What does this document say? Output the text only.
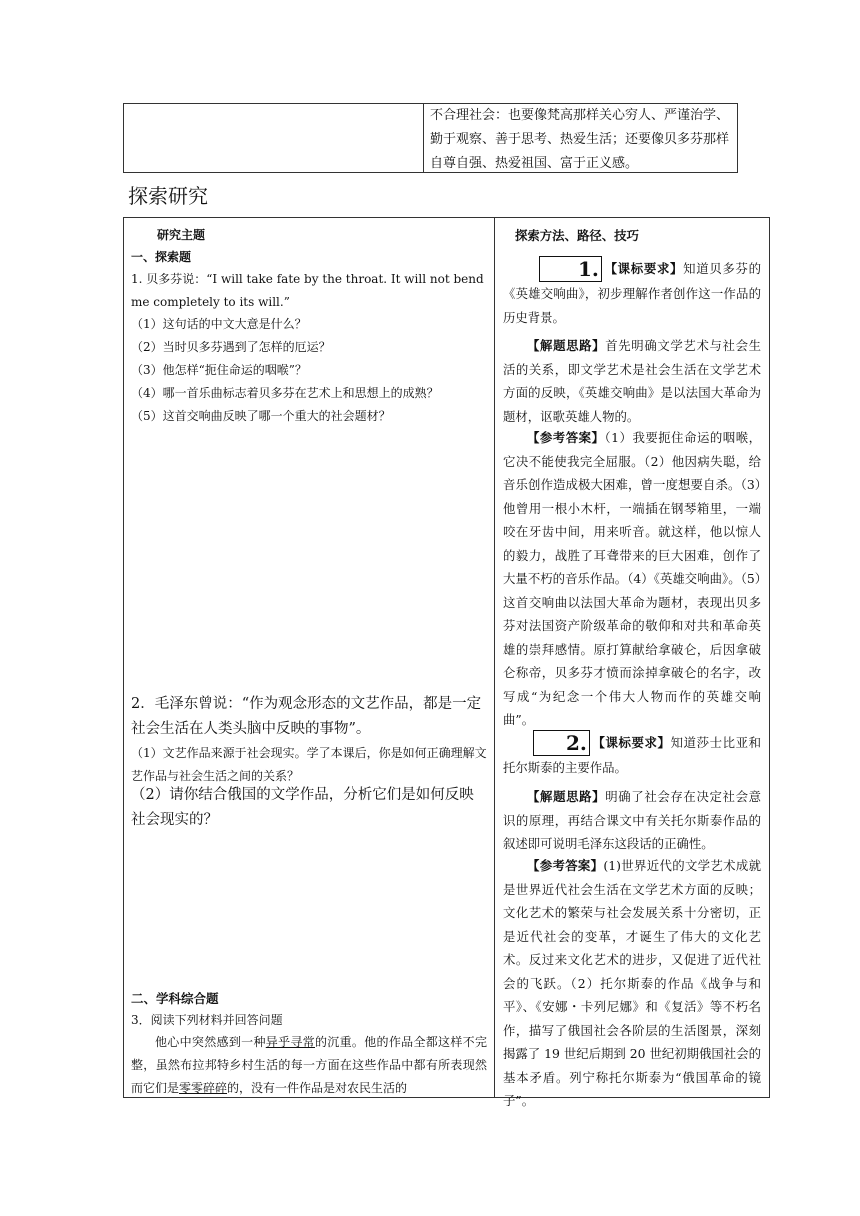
不合理社会：也要像梵高那样关心穷人、严谨治学、勤于观察、善于思考、热爱生活；还要像贝多芬那样自尊自强、热爱祖国、富于正义感。
探索研究
研究主题
一、探索题
1. 贝多芬说：“I will take fate by the throat. It will not bend me completely to its will.”
（1）这句话的中文大意是什么？
（2）当时贝多芬遇到了怎样的厄运？
（3）他怎样“扼住命运的咽喉”？
（4）哪一首乐曲标志着贝多芬在艺术上和思想上的成熟？
（5）这首交响曲反映了哪一个重大的社会题材？
2．毛泽东曾说：“作为观念形态的文艺作品，都是一定社会生活在人类头脑中反映的事物”。
（1）文艺作品来源于社会现实。学了本课后，你是如何正确理解文艺作品与社会生活之间的关系？
（2）请你结合俄国的文学作品，分析它们是如何反映社会现实的？
二、学科综合题
3．阅读下列材料并回答问题
他心中突然感到一种异乎寻常的沉重。他的作品全都这样不完整，虽然布拉邦特乡村生活的每一方面在这些作品中都有所表现然而它们是零零碎碎的，没有一件作品是对农民生活的
探索方法、路径、技巧
1. 【课标要求】知道贝多芬的《英雄交响曲》，初步理解作者创作这一作品的历史背景。
【解题思路】首先明确文学艺术与社会生活的关系，即文学艺术是社会生活在文学艺术方面的反映，《英雄交响曲》是以法国大革命为题材，讴歌英雄人物的。
【参考答案】（1）我要扼住命运的咽喉，它决不能使我完全屈服。（2）他因病失聪，给音乐创作造成极大困难，曾一度想要自杀。（3）他曾用一根小木杆，一端插在钢琴箱里，一端咬在牙齿中间，用来听音。就这样，他以惊人的毅力，战胜了耳聋带来的巨大困难，创作了大量不朽的音乐作品。（4）《英雄交响曲》。（5）这首交响曲以法国大革命为题材，表现出贝多芬对法国资产阶级革命的敬仰和对共和革命英雄的崇拜感情。原打算献给拿破仑，后因拿破仑称帝，贝多芬才愤而涂掉拿破仑的名字，改写成“为纪念一个伟大人物而作的英雄交响曲”。
2. 【课标要求】知道莎士比亚和托尔斯泰的主要作品。
【解题思路】明确了社会存在决定社会意识的原理，再结合课文中有关托尔斯泰作品的叙述即可说明毛泽东这段话的正确性。
【参考答案】(1)世界近代的文学艺术成就是世界近代社会生活在文学艺术方面的反映；文化艺术的繁荣与社会发展关系十分密切，正是近代社会的变革，才诞生了伟大的文化艺术。反过来文化艺术的进步，又促进了近代社会的飞跃。（2）托尔斯泰的作品《战争与和平》、《安娜・卡列尼娜》和《复活》等不朽名作，描写了俄国社会各阶层的生活图景，深刻揭露了 19 世纪后期到 20 世纪初期俄国社会的基本矛盾。列宁称托尔斯泰为“俄国革命的镜子”。
